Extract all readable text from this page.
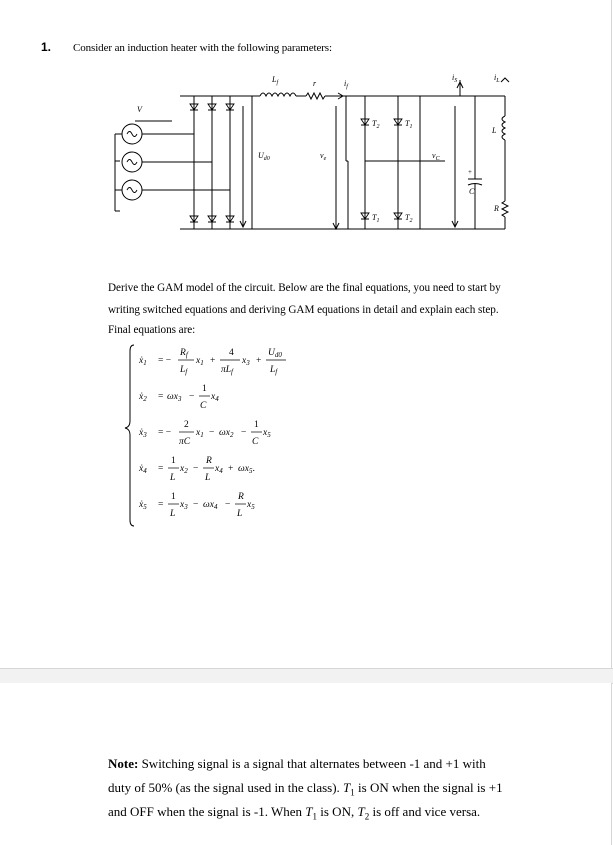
1. Consider an induction heater with the following parameters:
V
$U_{d0}$
$L_f$	r	$i_f$
$v_e$
$T_2$	$T_1$
$T_1$	$T_2$
$v_C$
$i_S$
+
C
$i_L$
L
R
Derive the GAM model of the circuit. Below are the final equations, you need to start by
writing switched equations and deriving GAM equations in detail and explain each step.
Final equations are:
ẋ$_1$ = −
$R_f$
$L_f$
$x_1$ +
4
$\pi L_f$
$x_3$ +
$U_{d0}$
$L_f$
ẋ$_2$ = $\omega x_3$ −
1
C
$x_4$
ẋ$_3$ = −
2
πC
$x_1 - \omega x_2$ −
1
C
$x_5$
ẋ$_4$ =
1
L
$x_2$ −
R
L
$x_4 + \omega x_5$.
ẋ$_5$ =
1
L
$x_3 - \omega x_4$ −
R
L
$x_5$
Note: Switching signal is a signal that alternates between -1 and +1 with
duty of 50% (as the signal used in the class). $T_1$ is ON when the signal is +1
and OFF when the signal is -1. When $T_1$ is ON, $T_2$ is off and vice versa.
